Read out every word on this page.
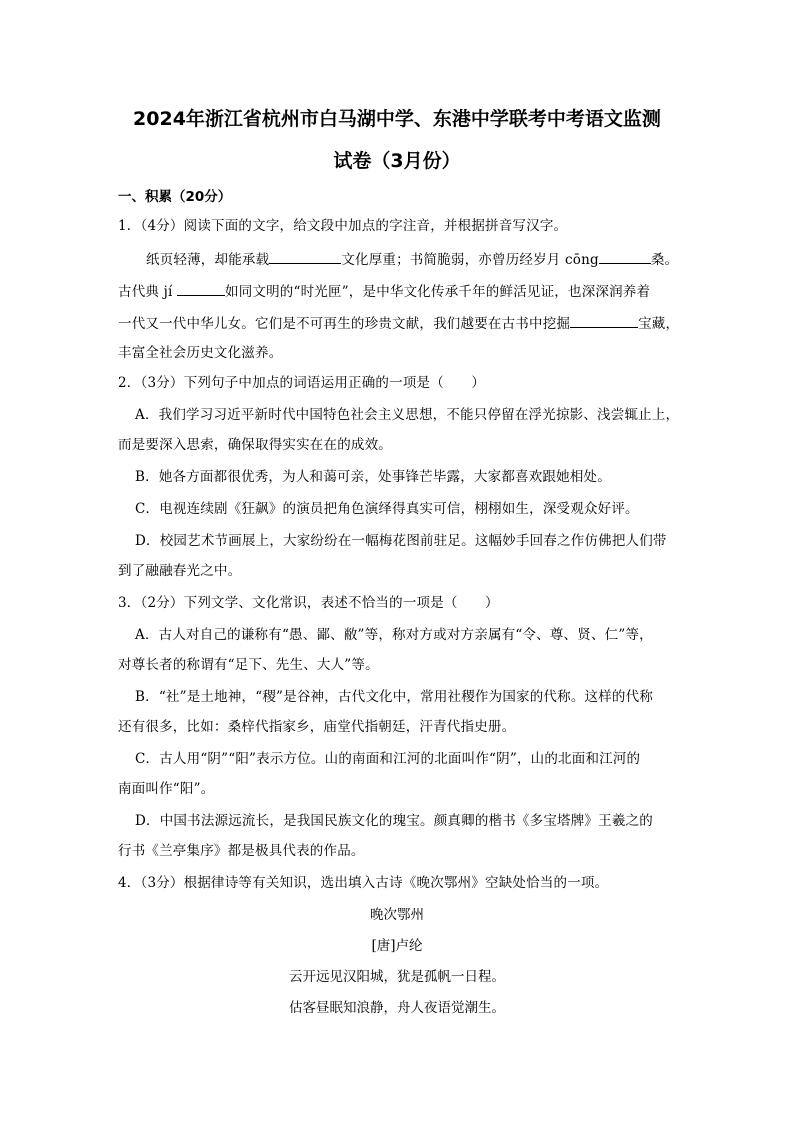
2024年浙江省杭州市白马湖中学、东港中学联考中考语文监测
试卷（3月份）
一、积累（20分）
1．（4分）阅读下面的文字，给文段中加点的字注音，并根据拼音写汉字。
纸页轻薄，却能承载	文化厚重；书简脆弱，亦曾历经岁月 cōng	桑。
古代典 jí	如同文明的“时光匣”，是中华文化传承千年的鲜活见证，也深深润养着
一代又一代中华儿女。它们是不可再生的珍贵文献，我们越要在古书中挖掘	宝藏，
丰富全社会历史文化滋养。
2．（3分）下列句子中加点的词语运用正确的一项是（　　）
A．我们学习习近平新时代中国特色社会主义思想，不能只停留在浮光掠影、浅尝辄止上，
而是要深入思索，确保取得实实在在的成效。
B．她各方面都很优秀，为人和蔼可亲，处事锋芒毕露，大家都喜欢跟她相处。
C．电视连续剧《狂飙》的演员把角色演绎得真实可信，栩栩如生，深受观众好评。
D．校园艺术节画展上，大家纷纷在一幅梅花图前驻足。这幅妙手回春之作仿佛把人们带
到了融融春光之中。
3．（2分）下列文学、文化常识，表述不恰当的一项是（　　）
A．古人对自己的谦称有“愚、鄙、敝”等，称对方或对方亲属有“令、尊、贤、仁”等，
对尊长者的称谓有“足下、先生、大人”等。
B．“社”是土地神，“稷”是谷神，古代文化中，常用社稷作为国家的代称。这样的代称
还有很多，比如：桑梓代指家乡，庙堂代指朝廷，汗青代指史册。
C．古人用“阴”“阳”表示方位。山的南面和江河的北面叫作“阴”，山的北面和江河的
南面叫作“阳”。
D．中国书法源远流长，是我国民族文化的瑰宝。颜真卿的楷书《多宝塔牌》王羲之的
行书《兰亭集序》都是极具代表的作品。
4．（3分）根据律诗等有关知识，选出填入古诗《晚次鄂州》空缺处恰当的一项。
晚次鄂州
[唐]卢纶
云开远见汉阳城，犹是孤帆一日程。
估客昼眠知浪静，舟人夜语觉潮生。
